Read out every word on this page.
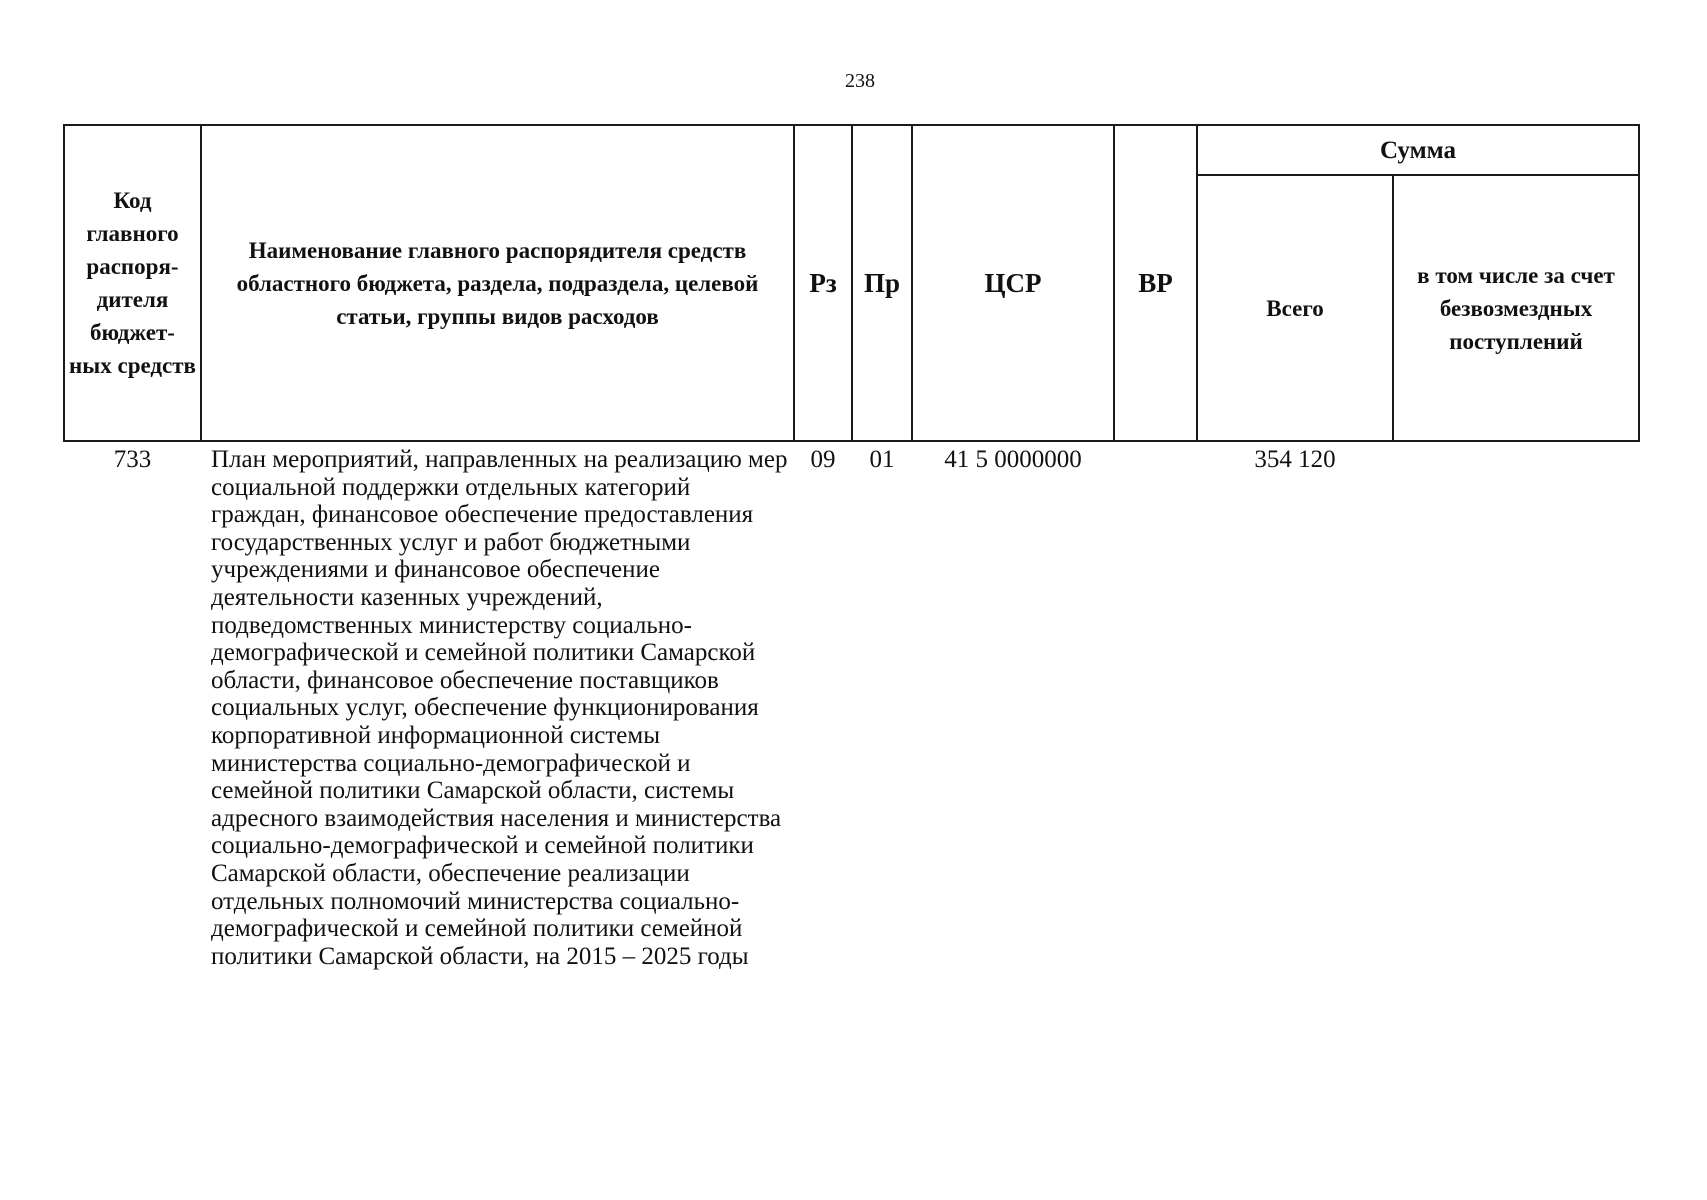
238
Код главного распоря- дителя бюджет- ных средств	Наименование главного распорядителя средств областного бюджета, раздела, подраздела, целевой статьи, группы видов расходов	Рз	Пр	ЦСР	ВР	Сумма	
						Всего	в том числе за счет безвозмездных поступлений
733	План мероприятий, направленных на реализацию мер социальной поддержки отдельных категорий граждан, финансовое обеспечение предоставления государственных услуг и работ бюджетными учреждениями и финансовое обеспечение деятельности казенных учреждений, подведомственных министерству социально-демографической и семейной политики Самарской области, финансовое обеспечение поставщиков социальных услуг, обеспечение функционирования корпоративной информационной системы министерства социально-демографической и семейной политики Самарской области, системы адресного взаимодействия населения и министерства социально-демографической и семейной политики Самарской области, обеспечение реализации отдельных полномочий министерства социально-демографической и семейной политики семейной политики Самарской области, на 2015 – 2025 годы	09	01	41 5 0000000		354 120	
